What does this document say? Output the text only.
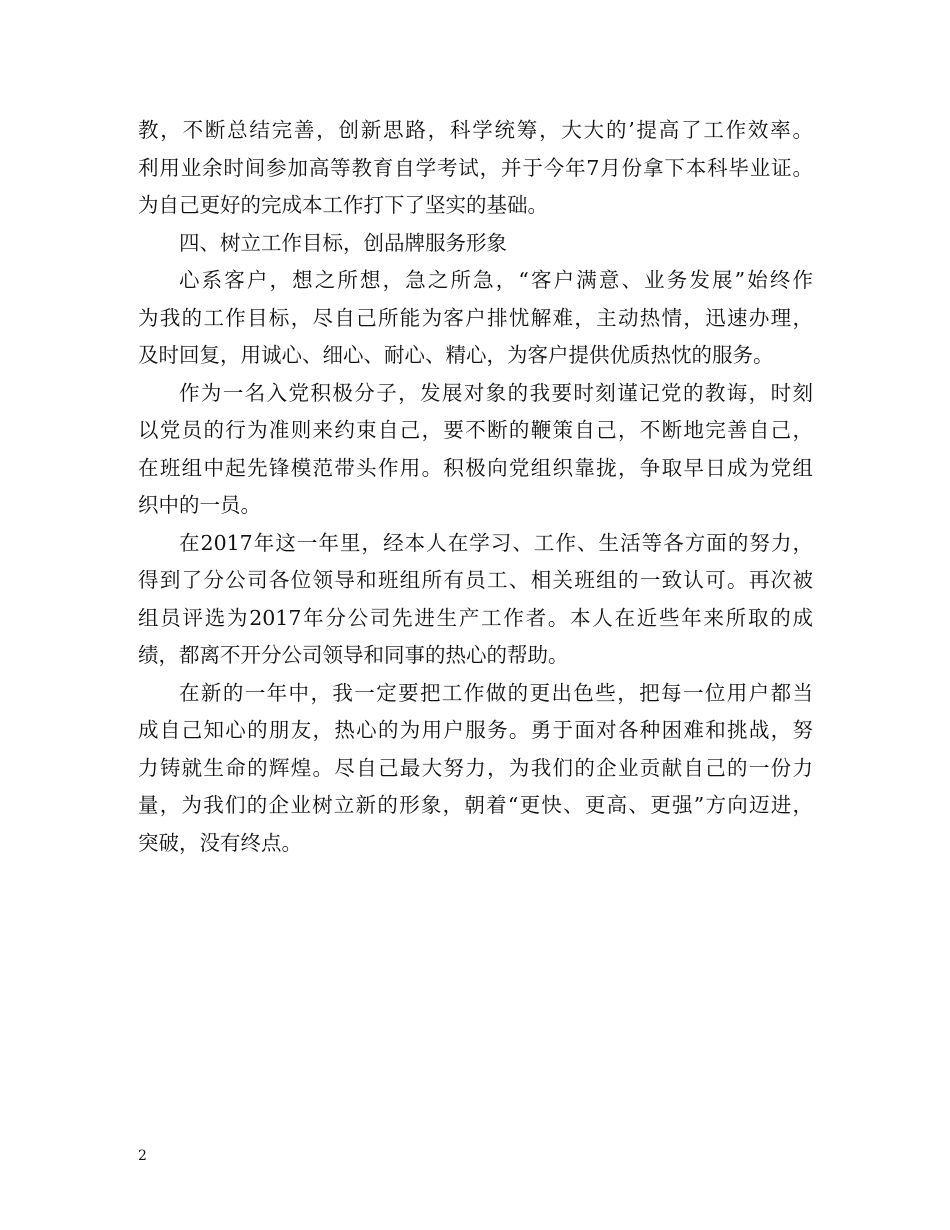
教，不断总结完善，创新思路，科学统筹，大大的’提高了工作效率。

利用业余时间参加高等教育自学考试，并于今年7月份拿下本科毕业证。

为自己更好的完成本工作打下了坚实的基础。

四、树立工作目标，创品牌服务形象

心系客户，想之所想，急之所急，“客户满意、业务发展”始终作

为我的工作目标，尽自己所能为客户排忧解难，主动热情，迅速办理，

及时回复，用诚心、细心、耐心、精心，为客户提供优质热忱的服务。

作为一名入党积极分子，发展对象的我要时刻谨记党的教诲，时刻

以党员的行为准则来约束自己，要不断的鞭策自己，不断地完善自己，

在班组中起先锋模范带头作用。积极向党组织靠拢，争取早日成为党组

织中的一员。

在2017年这一年里，经本人在学习、工作、生活等各方面的努力，

得到了分公司各位领导和班组所有员工、相关班组的一致认可。再次被

组员评选为2017年分公司先进生产工作者。本人在近些年来所取的成

绩，都离不开分公司领导和同事的热心的帮助。

在新的一年中，我一定要把工作做的更出色些，把每一位用户都当

成自己知心的朋友，热心的为用户服务。勇于面对各种困难和挑战，努

力铸就生命的辉煌。尽自己最大努力，为我们的企业贡献自己的一份力

量，为我们的企业树立新的形象，朝着“更快、更高、更强”方向迈进，

突破，没有终点。

2
